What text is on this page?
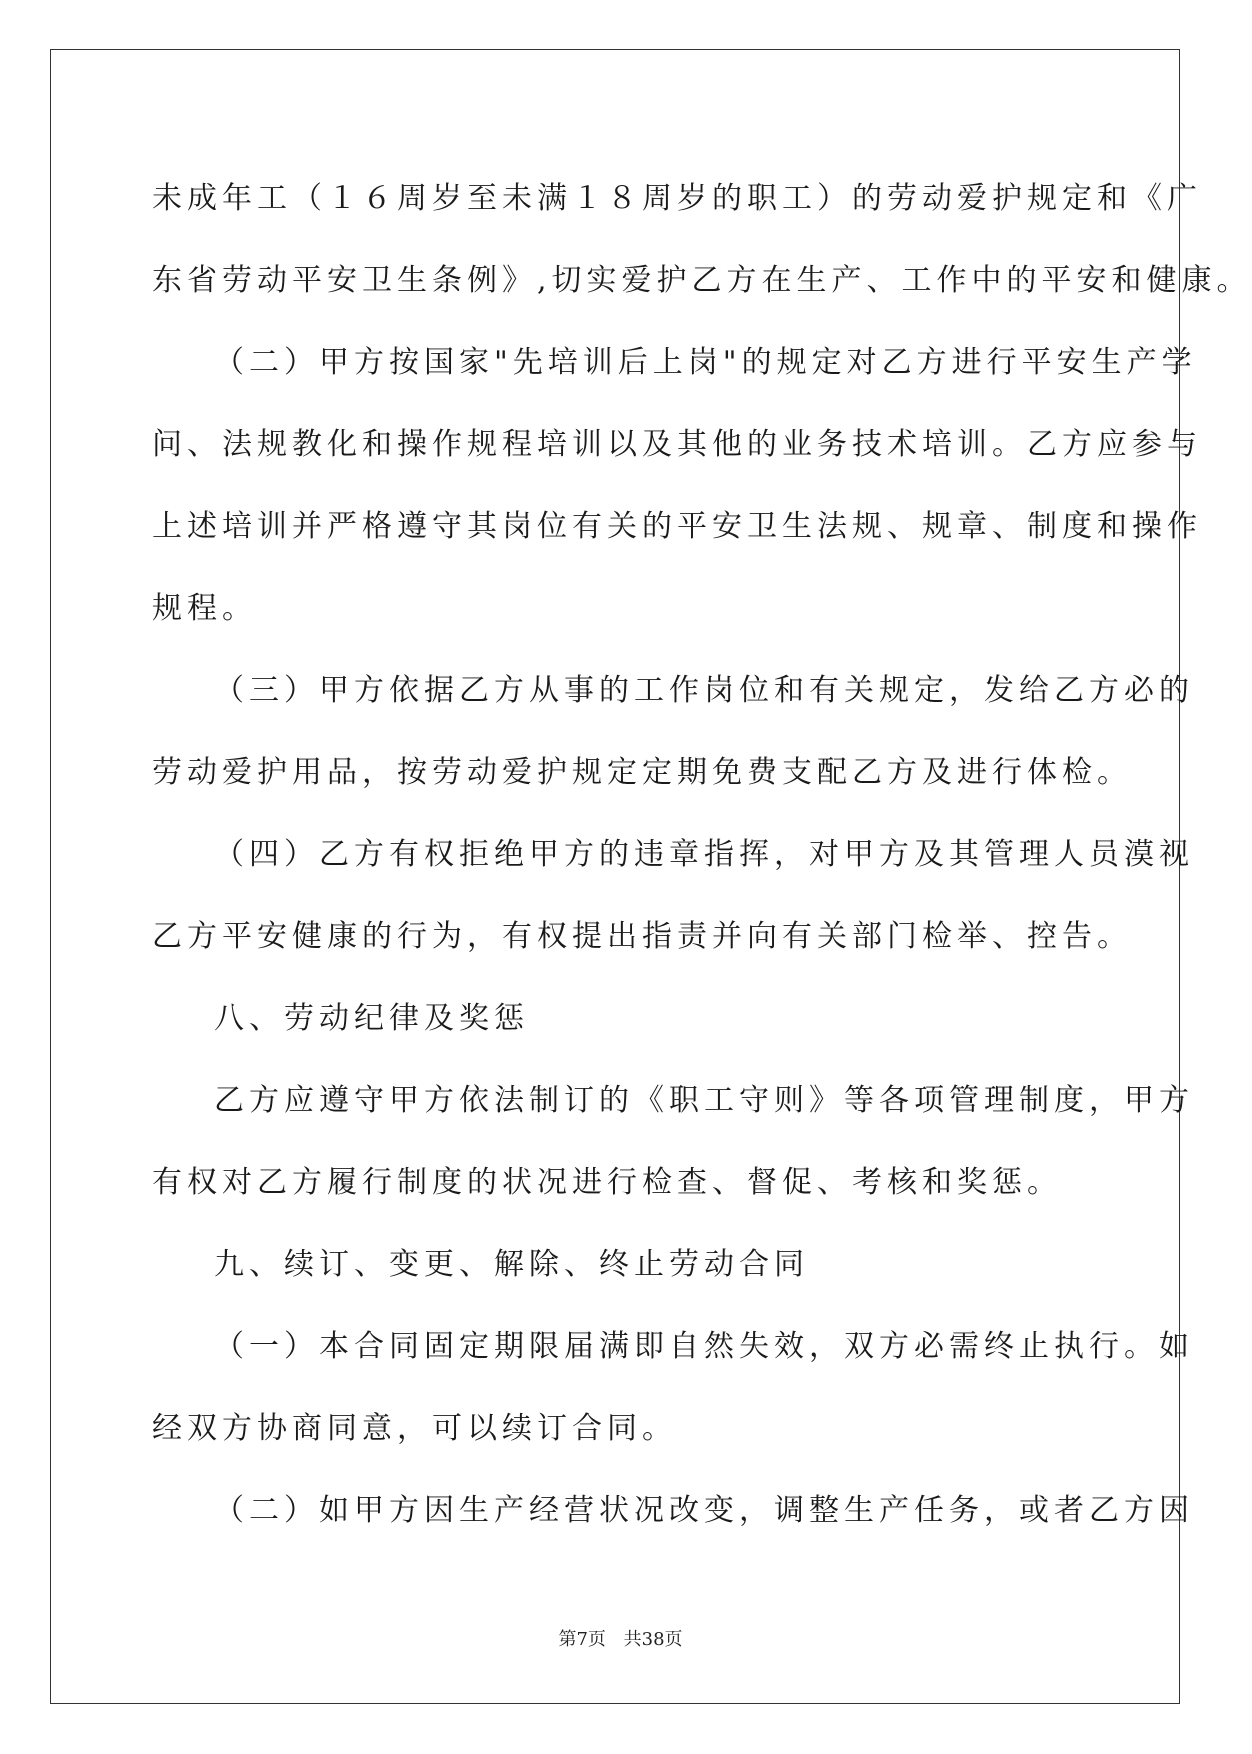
未成年工（１６周岁至未满１８周岁的职工）的劳动爱护规定和《广
东省劳动平安卫生条例》,切实爱护乙方在生产、工作中的平安和健康。
（二）甲方按国家"先培训后上岗"的规定对乙方进行平安生产学
问、法规教化和操作规程培训以及其他的业务技术培训。乙方应参与
上述培训并严格遵守其岗位有关的平安卫生法规、规章、制度和操作
规程。
（三）甲方依据乙方从事的工作岗位和有关规定，发给乙方必的
劳动爱护用品，按劳动爱护规定定期免费支配乙方及进行体检。
（四）乙方有权拒绝甲方的违章指挥，对甲方及其管理人员漠视
乙方平安健康的行为，有权提出指责并向有关部门检举、控告。
八、劳动纪律及奖惩
乙方应遵守甲方依法制订的《职工守则》等各项管理制度，甲方
有权对乙方履行制度的状况进行检查、督促、考核和奖惩。
九、续订、变更、解除、终止劳动合同
（一）本合同固定期限届满即自然失效，双方必需终止执行。如
经双方协商同意，可以续订合同。
（二）如甲方因生产经营状况改变，调整生产任务，或者乙方因
第7页 共38页
